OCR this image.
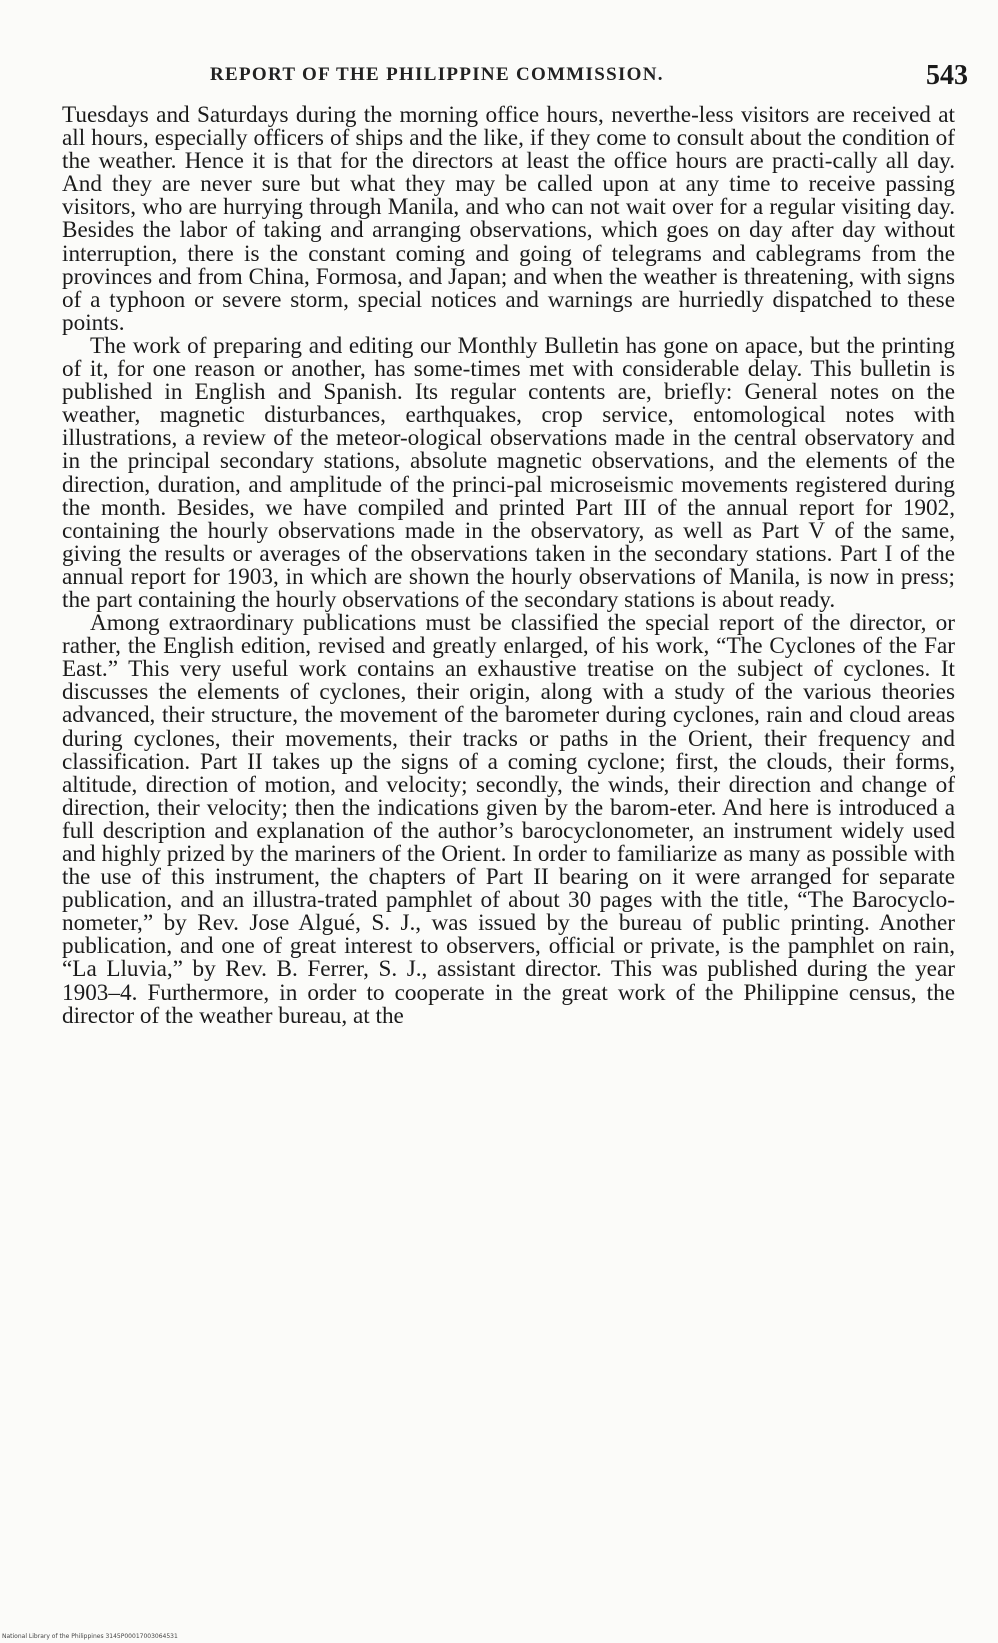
REPORT OF THE PHILIPPINE COMMISSION.	543

Tuesdays and Saturdays during the morning office hours, neverthe-less visitors are received at all hours, especially officers of ships and the like, if they come to consult about the condition of the weather. Hence it is that for the directors at least the office hours are practi-cally all day. And they are never sure but what they may be called upon at any time to receive passing visitors, who are hurrying through Manila, and who can not wait over for a regular visiting day. Besides the labor of taking and arranging observations, which goes on day after day without interruption, there is the constant coming and going of telegrams and cablegrams from the provinces and from China, Formosa, and Japan; and when the weather is threatening, with signs of a typhoon or severe storm, special notices and warnings are hurriedly dispatched to these points.

The work of preparing and editing our Monthly Bulletin has gone on apace, but the printing of it, for one reason or another, has some-times met with considerable delay. This bulletin is published in English and Spanish. Its regular contents are, briefly: General notes on the weather, magnetic disturbances, earthquakes, crop service, entomological notes with illustrations, a review of the meteor-ological observations made in the central observatory and in the principal secondary stations, absolute magnetic observations, and the elements of the direction, duration, and amplitude of the princi-pal microseismic movements registered during the month. Besides, we have compiled and printed Part III of the annual report for 1902, containing the hourly observations made in the observatory, as well as Part V of the same, giving the results or averages of the observations taken in the secondary stations. Part I of the annual report for 1903, in which are shown the hourly observations of Manila, is now in press; the part containing the hourly observations of the secondary stations is about ready.

Among extraordinary publications must be classified the special report of the director, or rather, the English edition, revised and greatly enlarged, of his work, “The Cyclones of the Far East.” This very useful work contains an exhaustive treatise on the subject of cyclones. It discusses the elements of cyclones, their origin, along with a study of the various theories advanced, their structure, the movement of the barometer during cyclones, rain and cloud areas during cyclones, their movements, their tracks or paths in the Orient, their frequency and classification. Part II takes up the signs of a coming cyclone; first, the clouds, their forms, altitude, direction of motion, and velocity; secondly, the winds, their direction and change of direction, their velocity; then the indications given by the barom-eter. And here is introduced a full description and explanation of the author’s barocyclonometer, an instrument widely used and highly prized by the mariners of the Orient. In order to familiarize as many as possible with the use of this instrument, the chapters of Part II bearing on it were arranged for separate publication, and an illustra-trated pamphlet of about 30 pages with the title, “The Barocyclo-nometer,” by Rev. Jose Algué, S. J., was issued by the bureau of public printing. Another publication, and one of great interest to observers, official or private, is the pamphlet on rain, “La Lluvia,” by Rev. B. Ferrer, S. J., assistant director. This was published during the year 1903–4. Furthermore, in order to cooperate in the great work of the Philippine census, the director of the weather bureau, at the

National Library of the Philippines 3145P00017003064531
